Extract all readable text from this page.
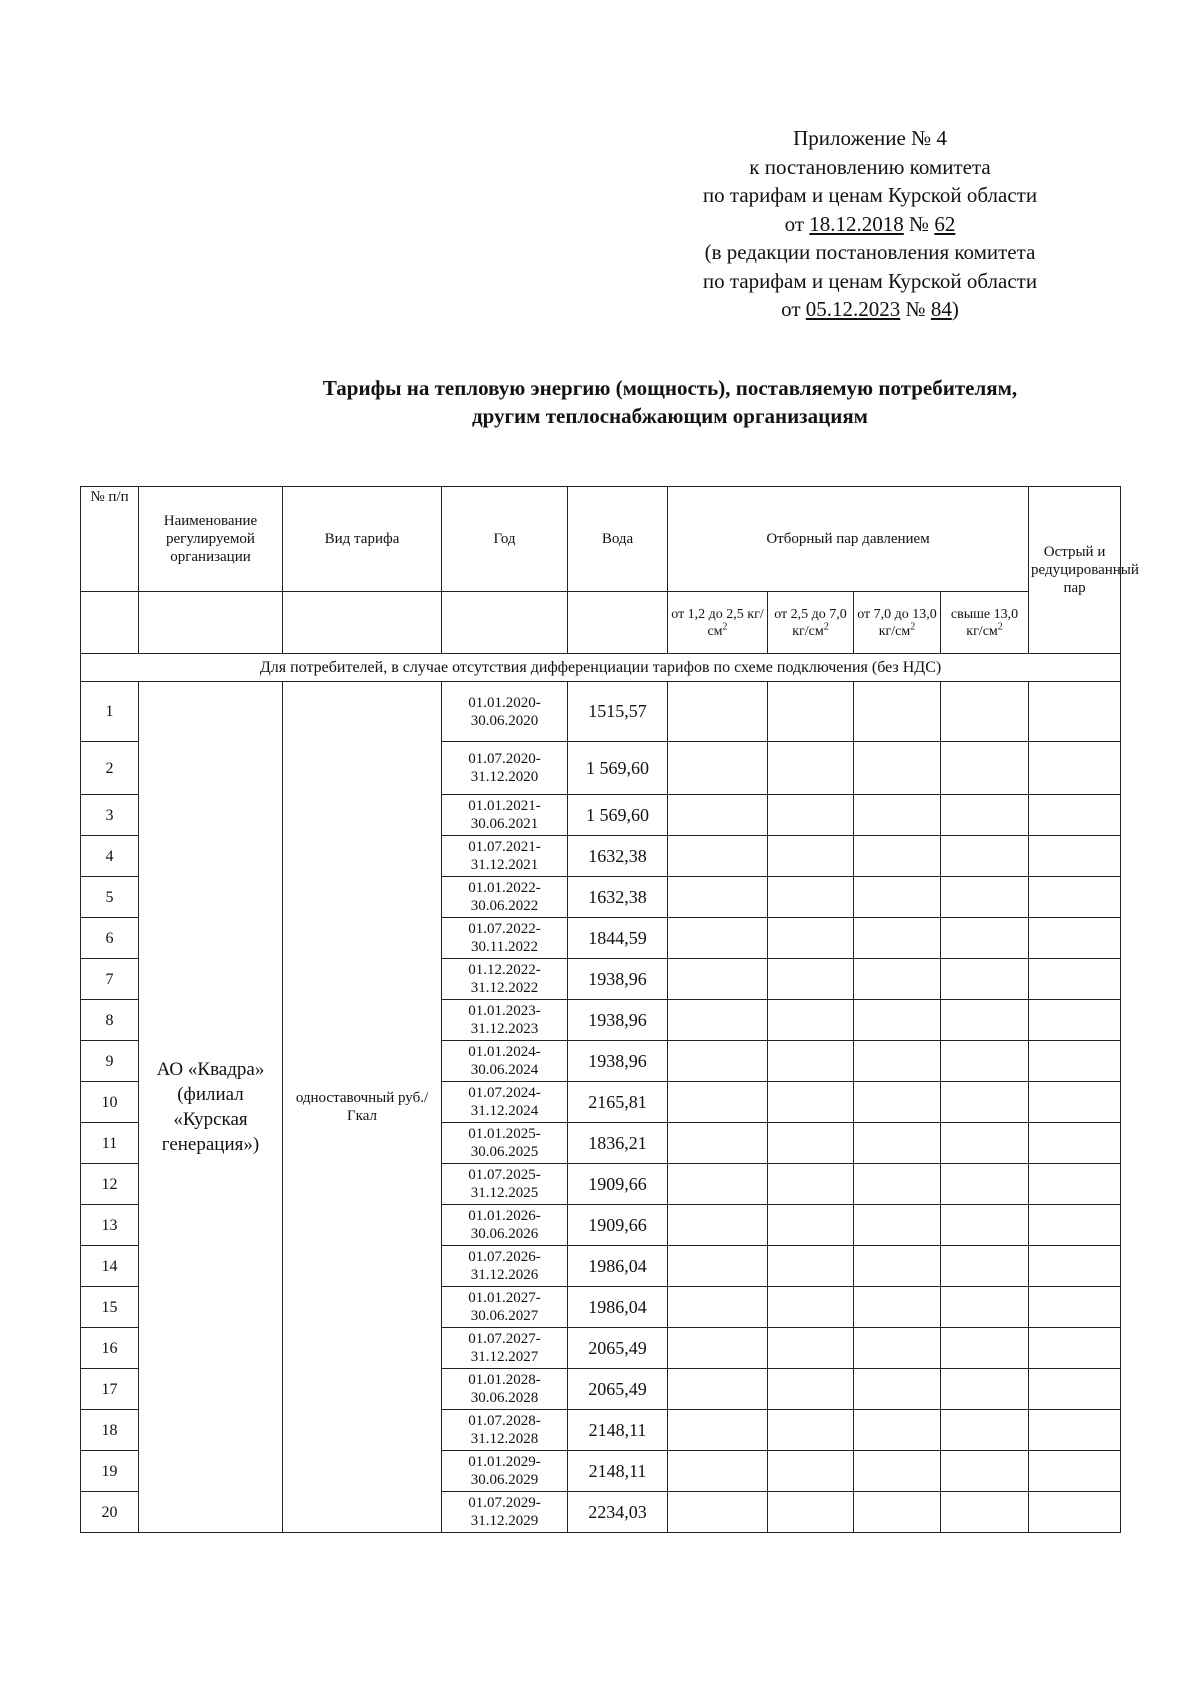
Приложение № 4
к постановлению комитета
по тарифам и ценам Курской области
от 18.12.2018 № 62
(в редакции постановления комитета
по тарифам и ценам Курской области
от 05.12.2023 № 84)
Тарифы на тепловую энергию (мощность), поставляемую потребителям,
другим теплоснабжающим организациям
№ п/п	Наименование регулируемой организации	Вид тарифа	Год	Вода	Отборный пар давлением				Острый и редуцированный пар
					от 1,2 до 2,5 $кг/см^2$	от 2,5 до 7,0 $кг/см^2$	от 7,0 до 13,0 $кг/см^2$	свыше 13,0 $кг/см^2$
Для потребителей, в случае отсутствия дифференциации тарифов по схеме подключения (без НДС)									
1	АО «Квадра» (филиал «Курская генерация»)	одноставочный руб./Гкал	01.01.2020-30.06.2020	1515,57					
2			01.07.2020-31.12.2020	1 569,60					
3			01.01.2021-30.06.2021	1 569,60					
4			01.07.2021-31.12.2021	1632,38					
5			01.01.2022-30.06.2022	1632,38					
6			01.07.2022-30.11.2022	1844,59					
7			01.12.2022-31.12.2022	1938,96					
8			01.01.2023-31.12.2023	1938,96					
9			01.01.2024-30.06.2024	1938,96					
10			01.07.2024-31.12.2024	2165,81					
11			01.01.2025-30.06.2025	1836,21					
12			01.07.2025-31.12.2025	1909,66					
13			01.01.2026-30.06.2026	1909,66					
14			01.07.2026-31.12.2026	1986,04					
15			01.01.2027-30.06.2027	1986,04					
16			01.07.2027-31.12.2027	2065,49					
17			01.01.2028-30.06.2028	2065,49					
18			01.07.2028-31.12.2028	2148,11					
19			01.01.2029-30.06.2029	2148,11					
20			01.07.2029-31.12.2029	2234,03					
